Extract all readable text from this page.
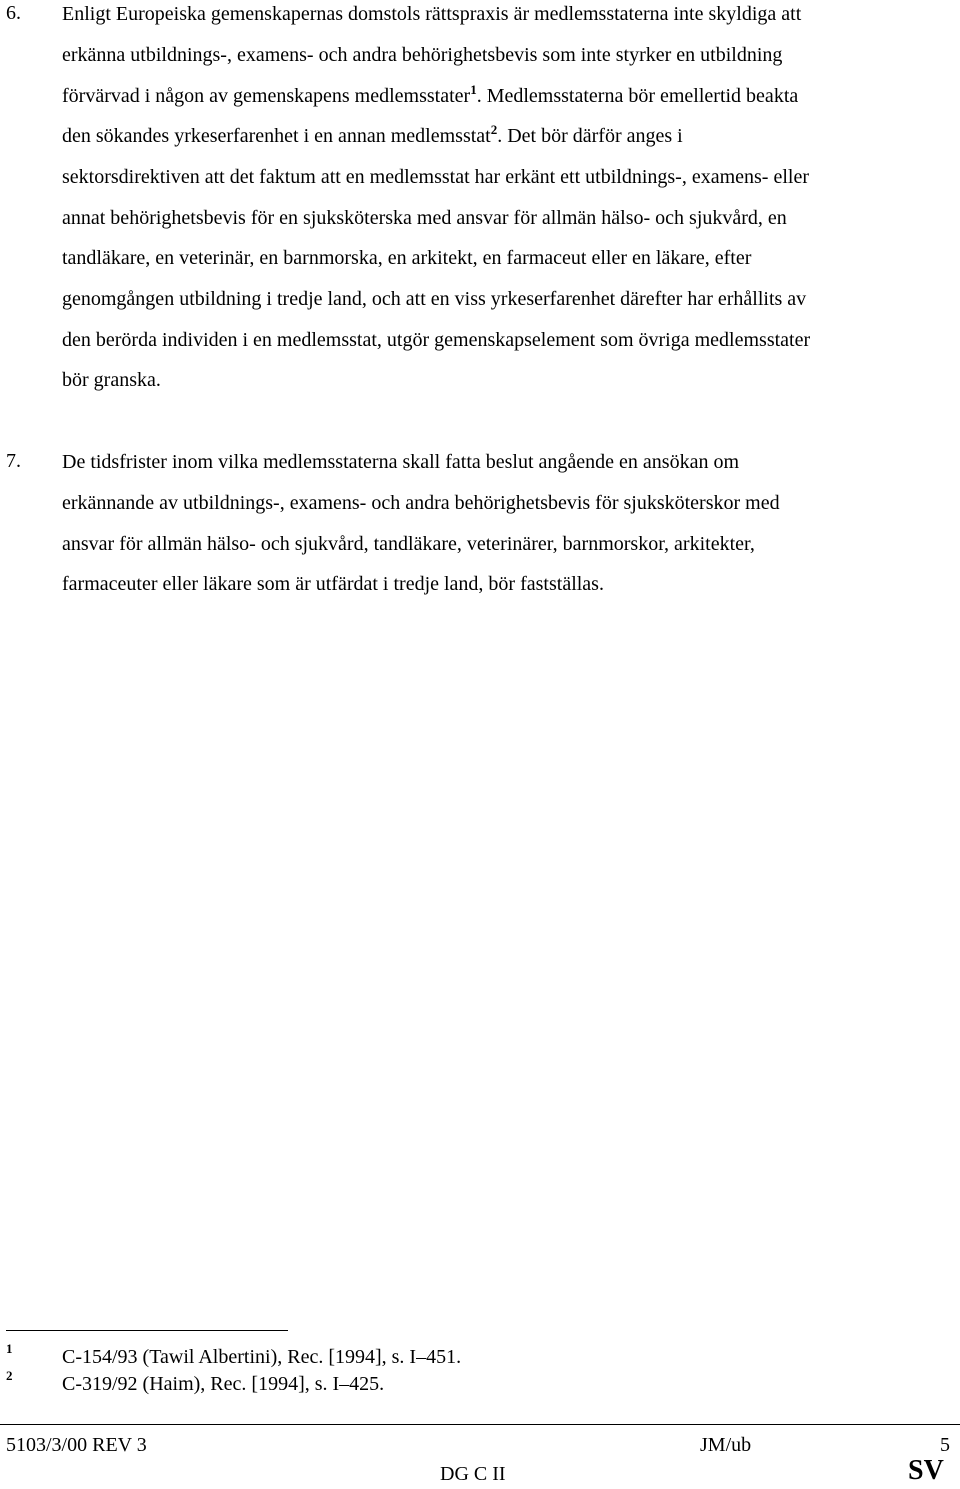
6. Enligt Europeiska gemenskapernas domstols rättspraxis är medlemsstaterna inte skyldiga att
erkänna utbildnings-, examens- och andra behörighetsbevis som inte styrker en utbildning
förvärvad i någon av gemenskapens medlemsstater$^1$. Medlemsstaterna bör emellertid beakta
den sökandes yrkeserfarenhet i en annan medlemsstat$^2$. Det bör därför anges i
sektorsdirektiven att det faktum att en medlemsstat har erkänt ett utbildnings-, examens- eller
annat behörighetsbevis för en sjuksköterska med ansvar för allmän hälso- och sjukvård, en
tandläkare, en veterinär, en barnmorska, en arkitekt, en farmaceut eller en läkare, efter
genomgången utbildning i tredje land, och att en viss yrkeserfarenhet därefter har erhållits av
den berörda individen i en medlemsstat, utgör gemenskapselement som övriga medlemsstater
bör granska.
7. De tidsfrister inom vilka medlemsstaterna skall fatta beslut angående en ansökan om
erkännande av utbildnings-, examens- och andra behörighetsbevis för sjuksköterskor med
ansvar för allmän hälso- och sjukvård, tandläkare, veterinärer, barnmorskor, arkitekter,
farmaceuter eller läkare som är utfärdat i tredje land, bör fastställas.
1 C-154/93 (Tawil Albertini), Rec. [1994], s. I–451.
2 C-319/92 (Haim), Rec. [1994], s. I–425.
5103/3/00 REV 3	JM/ub	5
DG C II	SV
